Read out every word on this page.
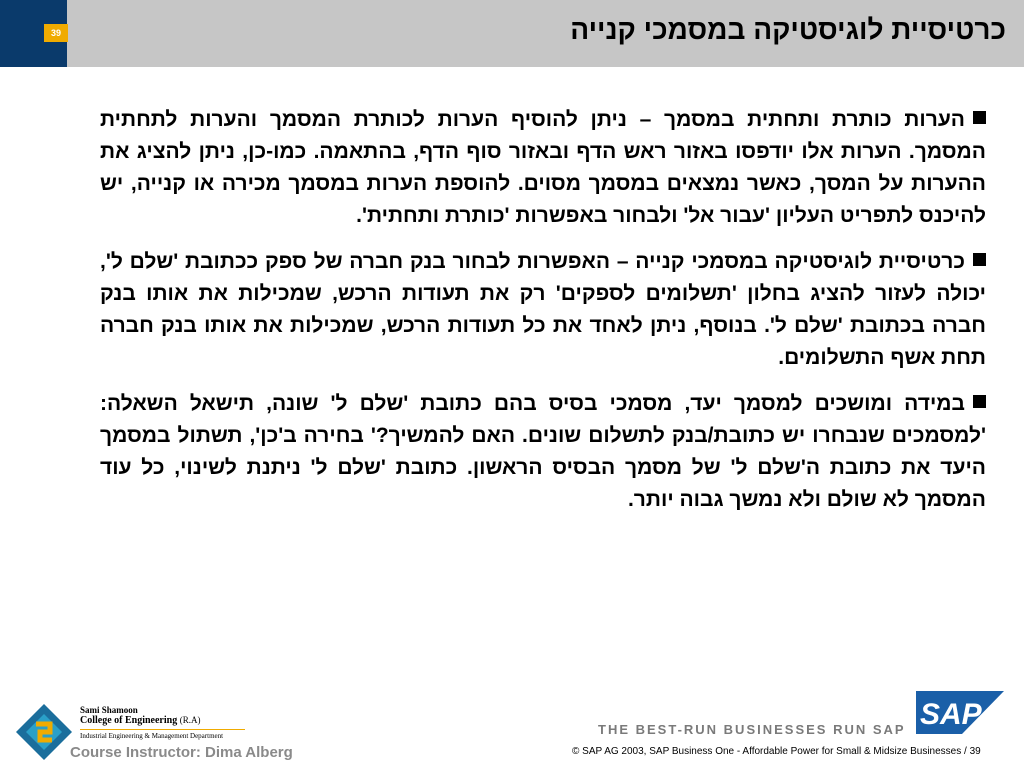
39	כרטיסיית לוגיסטיקה במסמכי קנייה

הערות כותרת ותחתית במסמך – ניתן להוסיף הערות לכותרת המסמך והערות לתחתית המסמך. הערות אלו יודפסו באזור ראש הדף ובאזור סוף הדף, בהתאמה. כמו-כן, ניתן להציג את ההערות על המסך, כאשר נמצאים במסמך מסוים. להוספת הערות במסמך מכירה או קנייה, יש להיכנס לתפריט העליון 'עבור אל' ולבחור באפשרות 'כותרת ותחתית'.

כרטיסיית לוגיסטיקה במסמכי קנייה – האפשרות לבחור בנק חברה של ספק ככתובת 'שלם ל', יכולה לעזור להציג בחלון 'תשלומים לספקים' רק את תעודות הרכש, שמכילות את אותו בנק חברה בכתובת 'שלם ל'. בנוסף, ניתן לאחד את כל תעודות הרכש, שמכילות את אותו בנק חברה תחת אשף התשלומים.

במידה ומושכים למסמך יעד, מסמכי בסיס בהם כתובת 'שלם ל' שונה, תישאל השאלה: 'למסמכים שנבחרו יש כתובת/בנק לתשלום שונים. האם להמשיך?' בחירה ב'כן', תשתול במסמך היעד את כתובת ה'שלם ל' של מסמך הבסיס הראשון. כתובת 'שלם ל' ניתנת לשינוי, כל עוד המסמך לא שולם ולא נמשך גבוה יותר.

Sami Shamoon
College of Engineering (R.A)
Industrial Engineering & Management Department
Course Instructor: Dima Alberg
THE BEST-RUN BUSINESSES RUN SAP SAP
© SAP AG 2003, SAP Business One - Affordable Power for Small & Midsize Businesses / 39
